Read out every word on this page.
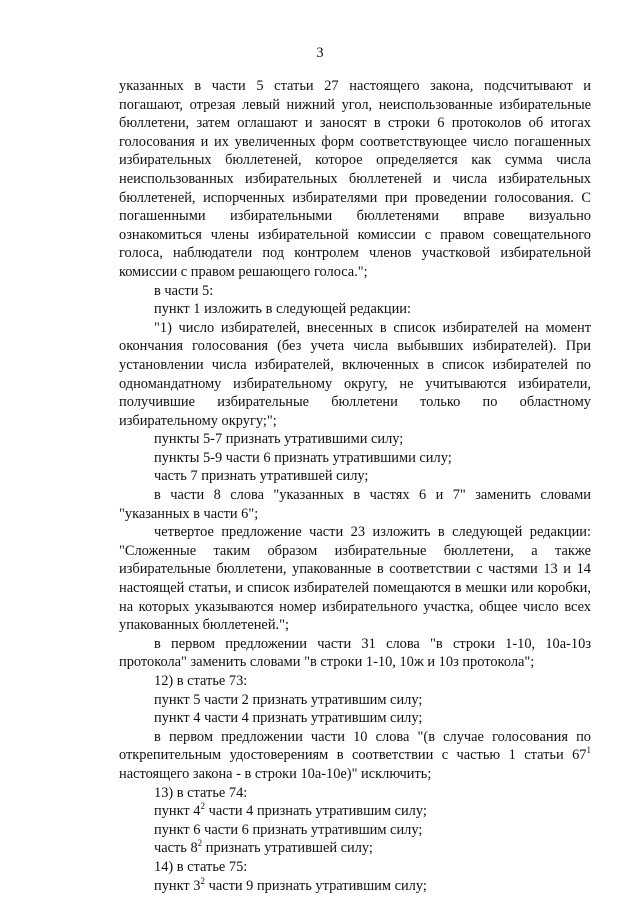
3

указанных в части 5 статьи 27 настоящего закона, подсчитывают и погашают, отрезая левый нижний угол, неиспользованные избирательные бюллетени, затем оглашают и заносят в строки 6 протоколов об итогах голосования и их увеличенных форм соответствующее число погашенных избирательных бюллетеней, которое определяется как сумма числа неиспользованных избирательных бюллетеней и числа избирательных бюллетеней, испорченных избирателями при проведении голосования. С погашенными избирательными бюллетенями вправе визуально ознакомиться члены избирательной комиссии с правом совещательного голоса, наблюдатели под контролем членов участковой избирательной комиссии с правом решающего голоса.";

в части 5:

пункт 1 изложить в следующей редакции:

"1) число избирателей, внесенных в список избирателей на момент окончания голосования (без учета числа выбывших избирателей). При установлении числа избирателей, включенных в список избирателей по одномандатному избирательному округу, не учитываются избиратели, получившие избирательные бюллетени только по областному избирательному округу;";

пункты 5-7 признать утратившими силу;

пункты 5-9 части 6 признать утратившими силу;

часть 7 признать утратившей силу;

в части 8 слова "указанных в частях 6 и 7" заменить словами "указанных в части 6";

четвертое предложение части 23 изложить в следующей редакции: "Сложенные таким образом избирательные бюллетени, а также избирательные бюллетени, упакованные в соответствии с частями 13 и 14 настоящей статьи, и список избирателей помещаются в мешки или коробки, на которых указываются номер избирательного участка, общее число всех упакованных бюллетеней.";

в первом предложении части 31 слова "в строки 1-10, 10а-10з протокола" заменить словами "в строки 1-10, 10ж и 10з протокола";

12) в статье 73:

пункт 5 части 2 признать утратившим силу;

пункт 4 части 4 признать утратившим силу;

в первом предложении части 10 слова "(в случае голосования по открепительным удостоверениям в соответствии с частью 1 статьи $67^1$ настоящего закона - в строки 10а-10е)" исключить;

13) в статье 74:

пункт $4^2$ части 4 признать утратившим силу;

пункт 6 части 6 признать утратившим силу;

часть $8^2$ признать утратившей силу;

14) в статье 75:

пункт $3^2$ части 9 признать утратившим силу;
